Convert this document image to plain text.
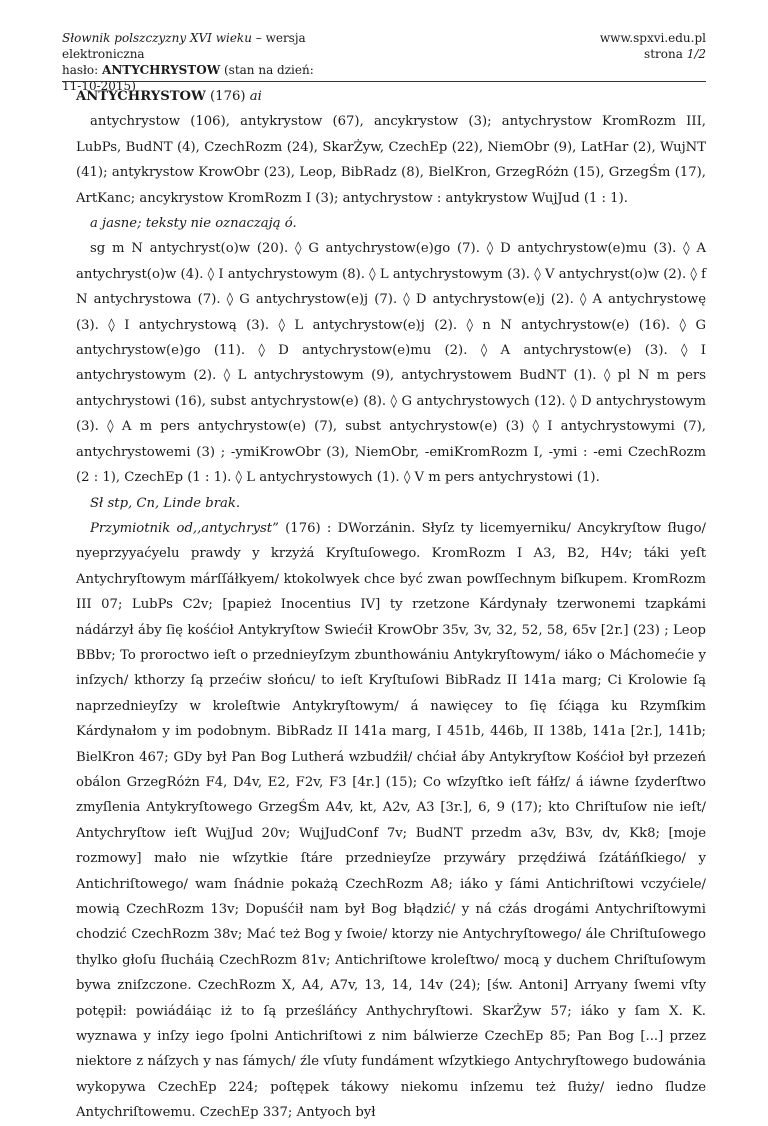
Słownik polszczyzny XVI wieku – wersja elektroniczna
hasło: ANTYCHRYSTOW (stan na dzień:
11-10-2015)
www.spxvi.edu.pl
strona 1/2

ANTYCHRYSTOW (176) ai

antychrystow (106), antykrystow (67), ancykrystow (3); antychrystow KromRozm III, LubPs, BudNT (4), CzechRozm (24), SkarŻyw, CzechEp (22), NiemObr (9), LatHar (2), WujNT (41); antykrystow KrowObr (23), Leop, BibRadz (8), BielKron, GrzegRóżn (15), GrzegŚm (17), ArtKanc; ancykrystow KromRozm I (3); antychrystow : antykrystow WujJud (1 : 1).

a jasne; teksty nie oznaczają ó.

sg m N antychryst(o)w (20). ◊ G antychrystow(e)go (7). ◊ D antychrystow(e)mu (3). ◊ A antychryst(o)w (4). ◊ I antychrystowym (8). ◊ L antychrystowym (3). ◊ V antychryst(o)w (2). ◊ f N antychrystowa (7). ◊ G antychrystow(e)j (7). ◊ D antychrystow(e)j (2). ◊ A antychrystowę (3). ◊ I antychrystową (3). ◊ L antychrystow(e)j (2). ◊ n N antychrystow(e) (16). ◊ G antychrystow(e)go (11). ◊ D antychrystow(e)mu (2). ◊ A antychrystow(e) (3). ◊ I antychrystowym (2). ◊ L antychrystowym (9), antychrystowem BudNT (1). ◊ pl N m pers antychrystowi (16), subst antychrystow(e) (8). ◊ G antychrystowych (12). ◊ D antychrystowym (3). ◊ A m pers antychrystow(e) (7), subst antychrystow(e) (3) ◊ I antychrystowymi (7), antychrystowemi (3) ; -ymiKrowObr (3), NiemObr, -emiKromRozm I, -ymi : -emi CzechRozm (2 : 1), CzechEp (1 : 1). ◊ L antychrystowych (1). ◊ V m pers antychrystowi (1).

Sł stp, Cn, Linde brak.

Przymiotnik od,,antychryst” (176) : DWorzánin. Słyſz ty licemyerniku/ Ancykryſtow ſługo/ nyeprzyyaćyelu prawdy y krzyżá Kryſtuſowego. KromRozm I A3, B2, H4v; táki yeſt Antychryſtowym márſſáłkyem/ ktokolwyek chce być zwan powſſechnym biſkupem. KromRozm III 07; LubPs C2v; [papież Inocentius IV] ty rzetzone Kárdynały tzerwonemi tzapkámi nádárzył áby ſię kośćioł Antykryſtow Swiećił KrowObr 35v, 3v, 32, 52, 58, 65v [2r.] (23) ; Leop BBbv; To proroctwo ieſt o przednieyſzym zbunthowániu Antykryſtowym/ iáko o Máchomećie y inſzych/ kthorzy ſą przećiw słońcu/ to ieſt Kryſtuſowi BibRadz II 141a marg; Ci Krolowie ſą naprzednieyſzy w kroleſtwie Antykryſtowym/ á nawięcey to ſię ſćiąga ku Rzymſkim Kárdynałom y im podobnym. BibRadz II 141a marg, I 451b, 446b, II 138b, 141a [2r.], 141b; BielKron 467; GDy był Pan Bog Lutherá wzbudźił/ chćiał áby Antykryſtow Kośćioł był przezeń obálon GrzegRóżn F4, D4v, E2, F2v, F3 [4r.] (15); Co wſzyſtko ieſt fáłſz/ á iáwne ſzyderſtwo zmyſlenia Antykryſtowego GrzegŚm A4v, kt, A2v, A3 [3r.], 6, 9 (17); kto Chriſtuſow nie ieſt/ Antychryſtow ieſt WujJud 20v; WujJudConf 7v; BudNT przedm a3v, B3v, dv, Kk8; [moje rozmowy] mało nie wſzytkie ſtáre przednieyſze przywáry przędźiwá ſzátáńſkiego/ y Antichriſtowego/ wam ſnádnie pokażą CzechRozm A8; iáko y ſámi Antichriſtowi vczyćiele/ mowią CzechRozm 13v; Dopuśćił nam był Bog błądzić/ y ná cżás drogámi Antychriſtowymi chodzić CzechRozm 38v; Mać też Bog y ſwoie/ ktorzy nie Antychryſtowego/ ále Chriſtuſowego thylko głoſu ſłucháią CzechRozm 81v; Antichriſtowe kroleſtwo/ mocą y duchem Chriſtuſowym bywa zniſzczone. CzechRozm X, A4, A7v, 13, 14, 14v (24); [św. Antoni] Arryany ſwemi vſty potępił: powiádáiąc iż to ſą prześláńcy Anthychryſtowi. SkarŻyw 57; iáko y ſam X. K. wyznawa y inſzy iego ſpolni Antichriſtowi z nim bálwierze CzechEp 85; Pan Bog [...] przez niektore z náſzych y nas ſámych/ źle vſuty fundáment wſzytkiego Antychryſtowego budowánia wykopywa CzechEp 224; poſtępek tákowy niekomu inſzemu też ſłuży/ iedno ſludze Antychriſtowemu. CzechEp 337; Antyoch był
